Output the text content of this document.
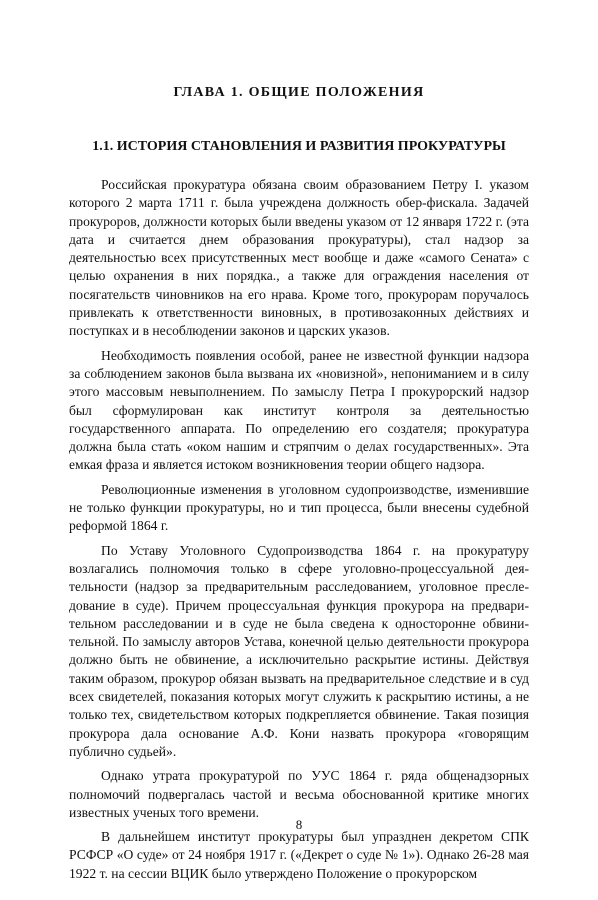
ГЛАВА 1. ОБЩИЕ ПОЛОЖЕНИЯ
1.1. ИСТОРИЯ СТАНОВЛЕНИЯ И РАЗВИТИЯ ПРОКУРАТУРЫ

Российская прокуратура обязана своим образованием Петру I. указом которого 2 марта 1711 г. была учреждена должность обер-фискала. Задачей прокуроров, должности которых были введены указом от 12 января 1722 г. (эта дата и считается днем образования прокуратуры), стал надзор за деятельностью всех присутственных мест вообще и даже «самого Сената» с целью охранения в них порядка., а также для ограждения населения от посягательств чиновников на его нрава. Кроме того, прокурорам поручалось привлекать к ответственности виновных, в противозаконных действиях и поступках и в несоблюдении законов и царских указов.

Необходимость появления особой, ранее не известной функции надзора за соблюдением законов была вызвана их «новизной», непониманием и в силу этого массовым невыполнением. По замыслу Петра I прокурорский надзор был сформулирован как институт контроля за деятельностью государственного аппарата. По определению его создателя; прокуратура должна была стать «оком нашим и стряпчим о делах государственных». Эта емкая фраза и является истоком возникновения теории общего надзора.

Революционные изменения в уголовном судопроизводстве, изменившие не только функции прокуратуры, но и тип процесса, были внесены судебной реформой 1864 г.

По Уставу Уголовного Судопроизводства 1864 г. на прокуратуру возлагались полномочия только в сфере уголовно-процессуальной деятельности (надзор за предварительным расследованием, уголовное преследование в суде). Причем процессуальная функция прокурора на предварительном расследовании и в суде не была сведена к односторонне обвинительной. По замыслу авторов Устава, конечной целью деятельности прокурора должно быть не обвинение, а исключительно раскрытие истины. Действуя таким образом, прокурор обязан вызвать на предварительное следствие и в суд всех свидетелей, показания которых могут служить к раскрытию истины, а не только тех, свидетельством которых подкрепляется обвинение. Такая позиция прокурора дала основание А.Ф. Кони назвать прокурора «говорящим публично судьей».

Однако утрата прокуратурой по УУС 1864 г. ряда общенадзорных полномочий подвергалась частой и весьма обоснованной критике многих известных ученых того времени.

В дальнейшем институт прокуратуры был упразднен декретом СПК РСФСР «О суде» от 24 ноября 1917 г. («Декрет о суде № 1»). Однако 26-28 мая 1922 т. на сессии ВЦИК было утверждено Положение о прокурорском

8
